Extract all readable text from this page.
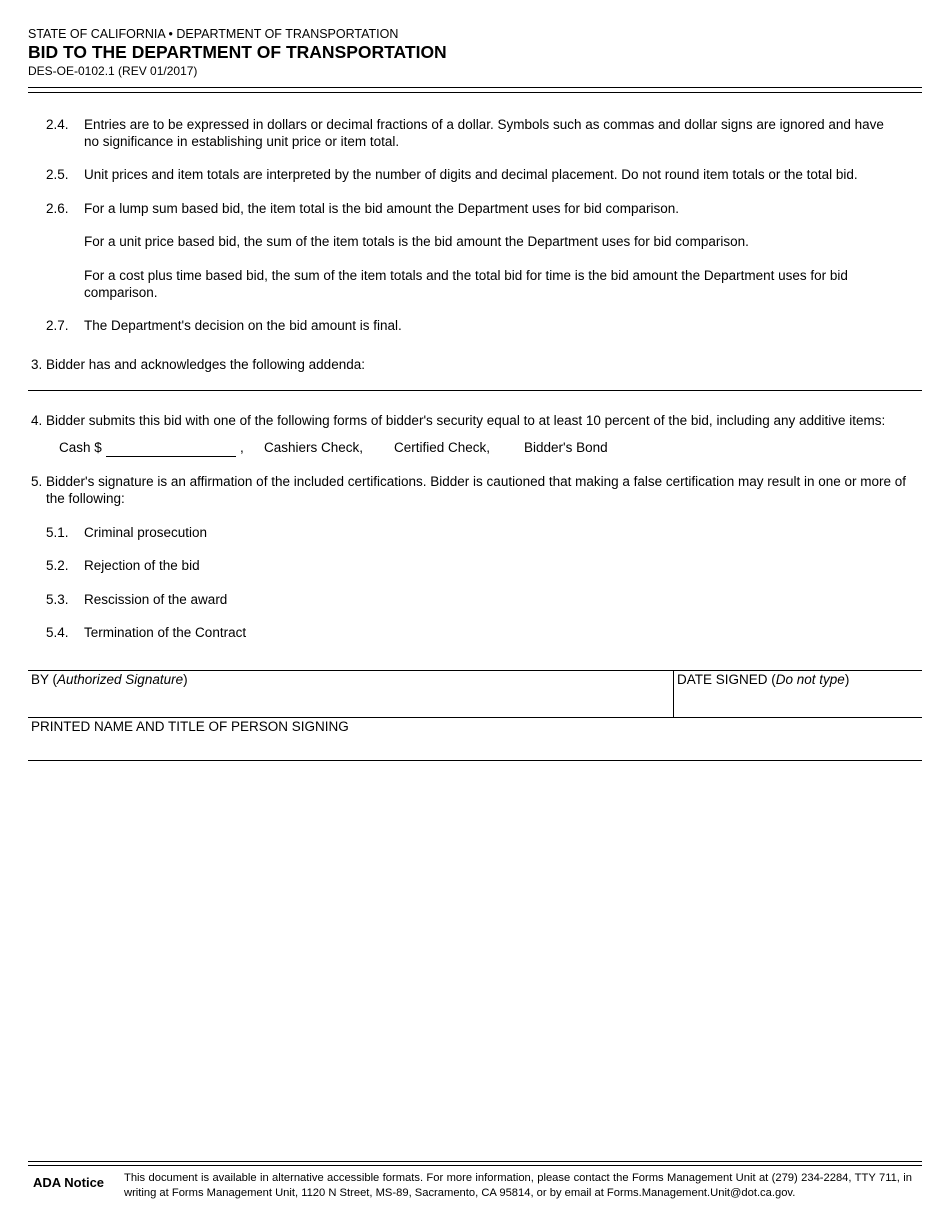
STATE OF CALIFORNIA • DEPARTMENT OF TRANSPORTATION
BID TO THE DEPARTMENT OF TRANSPORTATION
DES-OE-0102.1 (REV 01/2017)
2.4. Entries are to be expressed in dollars or decimal fractions of a dollar. Symbols such as commas and dollar signs are ignored and have no significance in establishing unit price or item total.
2.5. Unit prices and item totals are interpreted by the number of digits and decimal placement. Do not round item totals or the total bid.
2.6. For a lump sum based bid, the item total is the bid amount the Department uses for bid comparison.
For a unit price based bid, the sum of the item totals is the bid amount the Department uses for bid comparison.
For a cost plus time based bid, the sum of the item totals and the total bid for time is the bid amount the Department uses for bid comparison.
2.7. The Department's decision on the bid amount is final.
3. Bidder has and acknowledges the following addenda:
4. Bidder submits this bid with one of the following forms of bidder's security equal to at least 10 percent of the bid, including any additive items:
Cash $	, Cashiers Check, Certified Check,	Bidder's Bond
5. Bidder's signature is an affirmation of the included certifications. Bidder is cautioned that making a false certification may result in one or more of the following:
5.1. Criminal prosecution
5.2. Rejection of the bid
5.3. Rescission of the award
5.4. Termination of the Contract
BY (Authorized Signature)	DATE SIGNED (Do not type)
PRINTED NAME AND TITLE OF PERSON SIGNING
ADA Notice This document is available in alternative accessible formats. For more information, please contact the Forms Management Unit at (279) 234-2284, TTY 711, in writing at Forms Management Unit, 1120 N Street, MS-89, Sacramento, CA 95814, or by email at Forms.Management.Unit@dot.ca.gov.
